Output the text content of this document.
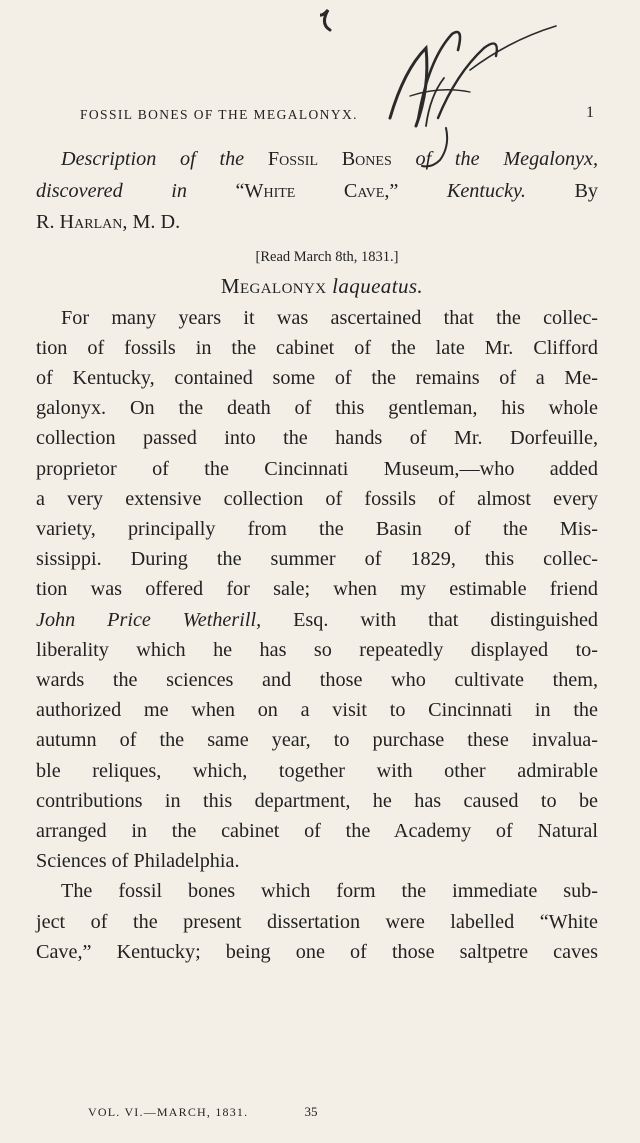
FOSSIL BONES OF THE MEGALONYX.	1
Description of the Fossil Bones of the Megalonyx,
discovered in “White Cave,” Kentucky. By
R. Harlan, M. D.
[Read March 8th, 1831.]
Megalonyx laqueatus.

For many years it was ascertained that the collec-
tion of fossils in the cabinet of the late Mr. Clifford
of Kentucky, contained some of the remains of a Me-
galonyx. On the death of this gentleman, his whole
collection passed into the hands of Mr. Dorfeuille,
proprietor of the Cincinnati Museum,—who added
a very extensive collection of fossils of almost every
variety, principally from the Basin of the Mis-
sissippi. During the summer of 1829, this collec-
tion was offered for sale; when my estimable friend
John Price Wetherill, Esq. with that distinguished
liberality which he has so repeatedly displayed to-
wards the sciences and those who cultivate them,
authorized me when on a visit to Cincinnati in the
autumn of the same year, to purchase these invalua-
ble reliques, which, together with other admirable
contributions in this department, he has caused to be
arranged in the cabinet of the Academy of Natural
Sciences of Philadelphia.

The fossil bones which form the immediate sub-
ject of the present dissertation were labelled “White
Cave,” Kentucky; being one of those saltpetre caves

VOL. VI.—MARCH, 1831.	35
